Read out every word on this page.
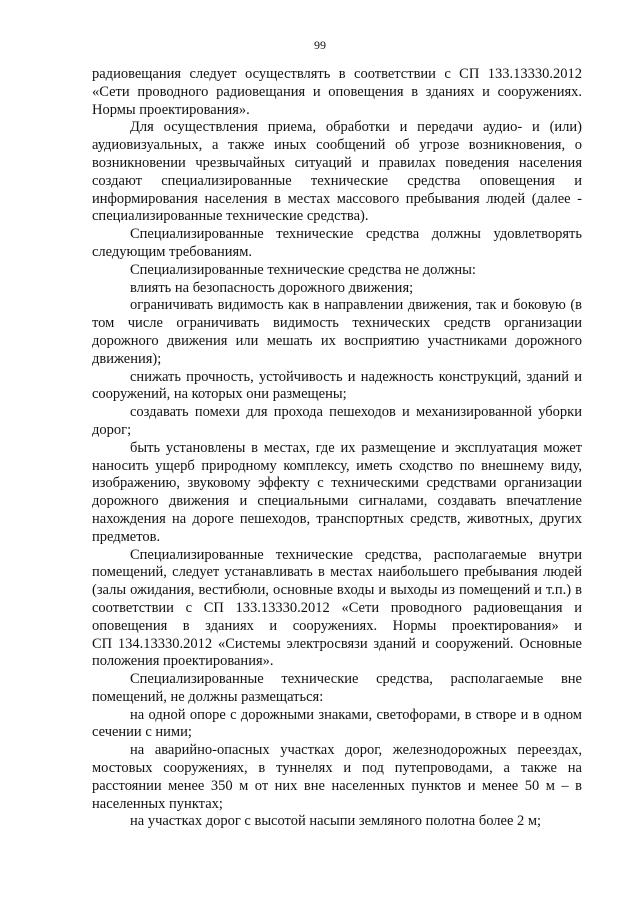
99

радиовещания следует осуществлять в соответствии с СП 133.13330.2012 «Сети проводного радиовещания и оповещения в зданиях и сооружениях. Нормы проектирования».

Для осуществления приема, обработки и передачи аудио- и (или) аудиовизуальных, а также иных сообщений об угрозе возникновения, о возникновении чрезвычайных ситуаций и правилах поведения населения создают специализированные технические средства оповещения и информирования населения в местах массового пребывания людей (далее - специализированные технические средства).

Специализированные технические средства должны удовлетворять следующим требованиям.

Специализированные технические средства не должны:

влиять на безопасность дорожного движения;

ограничивать видимость как в направлении движения, так и боковую (в том числе ограничивать видимость технических средств организации дорожного движения или мешать их восприятию участниками дорожного движения);

снижать прочность, устойчивость и надежность конструкций, зданий и сооружений, на которых они размещены;

создавать помехи для прохода пешеходов и механизированной уборки дорог;

быть установлены в местах, где их размещение и эксплуатация может наносить ущерб природному комплексу, иметь сходство по внешнему виду, изображению, звуковому эффекту с техническими средствами организации дорожного движения и специальными сигналами, создавать впечатление нахождения на дороге пешеходов, транспортных средств, животных, других предметов.

Специализированные технические средства, располагаемые внутри помещений, следует устанавливать в местах наибольшего пребывания людей (залы ожидания, вестибюли, основные входы и выходы из помещений и т.п.) в соответствии с СП 133.13330.2012 «Сети проводного радиовещания и оповещения в зданиях и сооружениях. Нормы проектирования» и

СП 134.13330.2012 «Системы электросвязи зданий и сооружений. Основные положения проектирования».

Специализированные технические средства, располагаемые вне помещений, не должны размещаться:

на одной опоре с дорожными знаками, светофорами, в створе и в одном сечении с ними;

на аварийно-опасных участках дорог, железнодорожных переездах, мостовых сооружениях, в туннелях и под путепроводами, а также на расстоянии менее 350 м от них вне населенных пунктов и менее 50 м – в населенных пунктах;

на участках дорог с высотой насыпи земляного полотна более 2 м;
